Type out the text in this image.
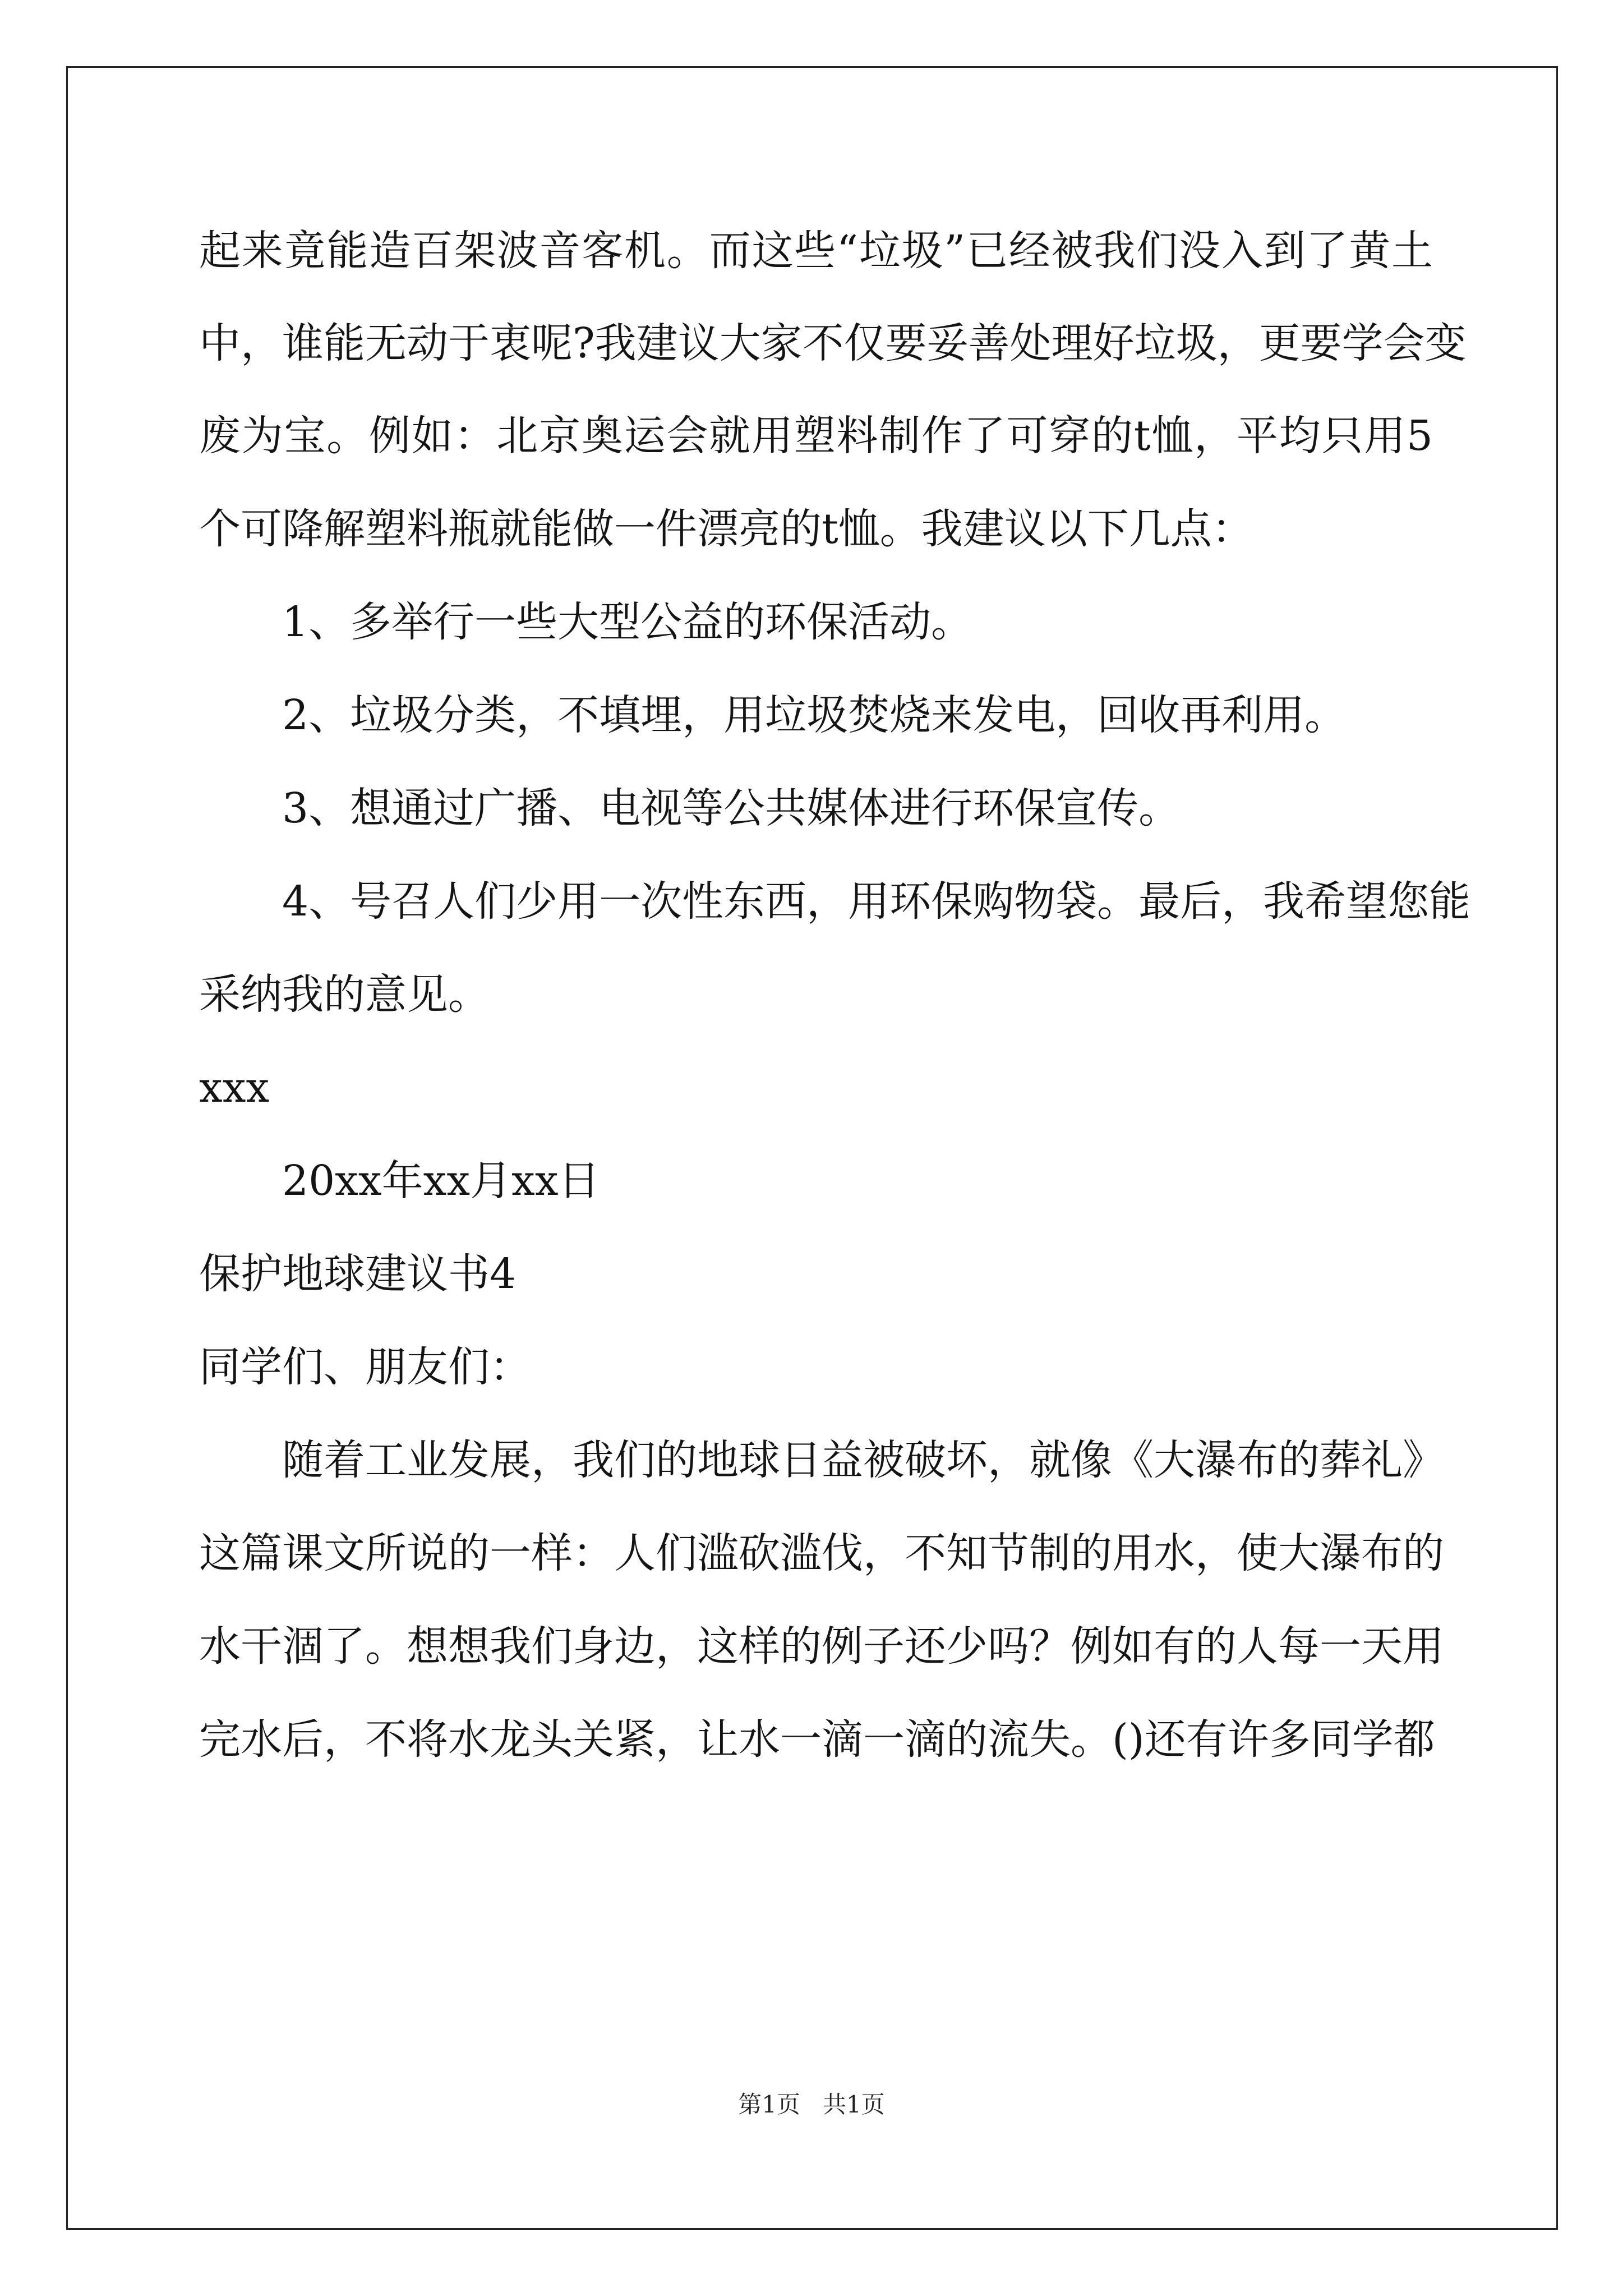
起来竟能造百架波音客机。而这些“垃圾”已经被我们没入到了黄土
中，谁能无动于衷呢?我建议大家不仅要妥善处理好垃圾，更要学会变
废为宝。例如：北京奥运会就用塑料制作了可穿的t恤，平均只用5
个可降解塑料瓶就能做一件漂亮的t恤。我建议以下几点：
1、多举行一些大型公益的环保活动。
2、垃圾分类，不填埋，用垃圾焚烧来发电，回收再利用。
3、想通过广播、电视等公共媒体进行环保宣传。
4、号召人们少用一次性东西，用环保购物袋。最后，我希望您能
采纳我的意见。
xxx
20xx年xx月xx日
保护地球建议书4
同学们、朋友们：
随着工业发展，我们的地球日益被破坏，就像《大瀑布的葬礼》
这篇课文所说的一样：人们滥砍滥伐，不知节制的用水，使大瀑布的
水干涸了。想想我们身边，这样的例子还少吗？例如有的人每一天用
完水后，不将水龙头关紧，让水一滴一滴的流失。()还有许多同学都
第1页   共1页
